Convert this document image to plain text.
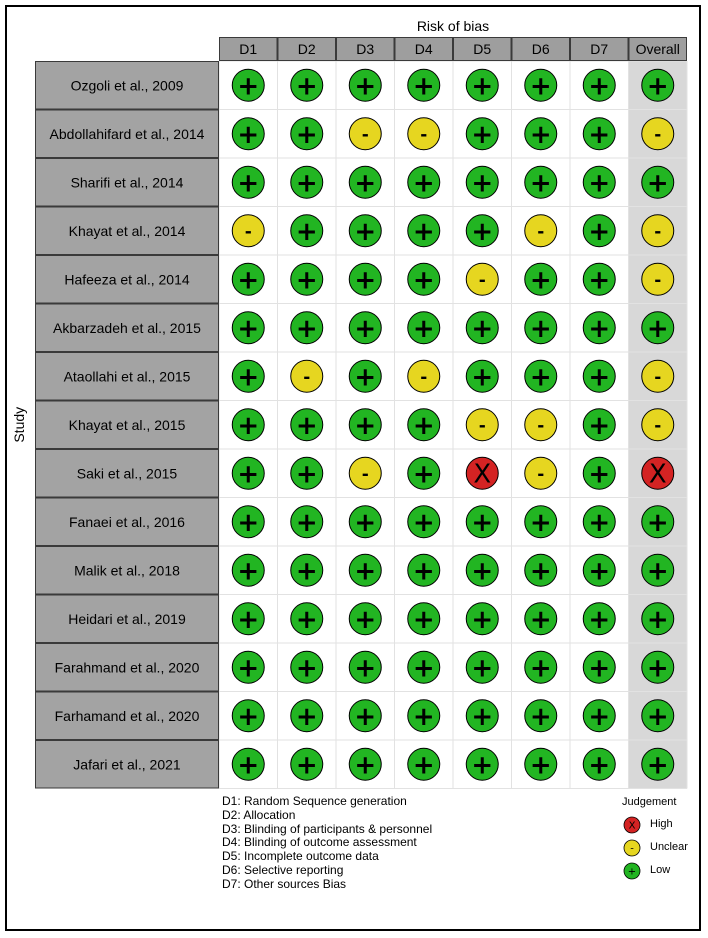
Risk of bias
D1	D2	D3	D4	D5	D6	D7 Overall
Study
Ozgoli et al., 2009 + + + + + + + +
Abdollahifard et al., 2014 + +	-	- + + +	-
Sharifi et al., 2014 + + + + + + + +
Khayat et al., 2014	- + + + +	- +	-
Hafeeza et al., 2014 + + + +	- + +	-
Akbarzadeh et al., 2015 + + + + + + + +
Ataollahi et al., 2015 +	- +	- + + +	-
Khayat et al., 2015 + + + +	-	- +	-
Saki et al., 2015 + +	- + X	- + X
Fanaei et al., 2016 + + + + + + + +
Malik et al., 2018 + + + + + + + +
Heidari et al., 2019 + + + + + + + +
Farahmand et al., 2020 + + + + + + + +
Farhamand et al., 2020 + + + + + + + +
Jafari et al., 2021 + + + + + + + +
X
-
+
D1: Random Sequence generation
D2: Allocation
D3: Blinding of participants & personnel
D4: Blinding of outcome assessment
D5: Incomplete outcome data
D6: Selective reporting
D7: Other sources Bias
Judgement
High
Unclear
Low
